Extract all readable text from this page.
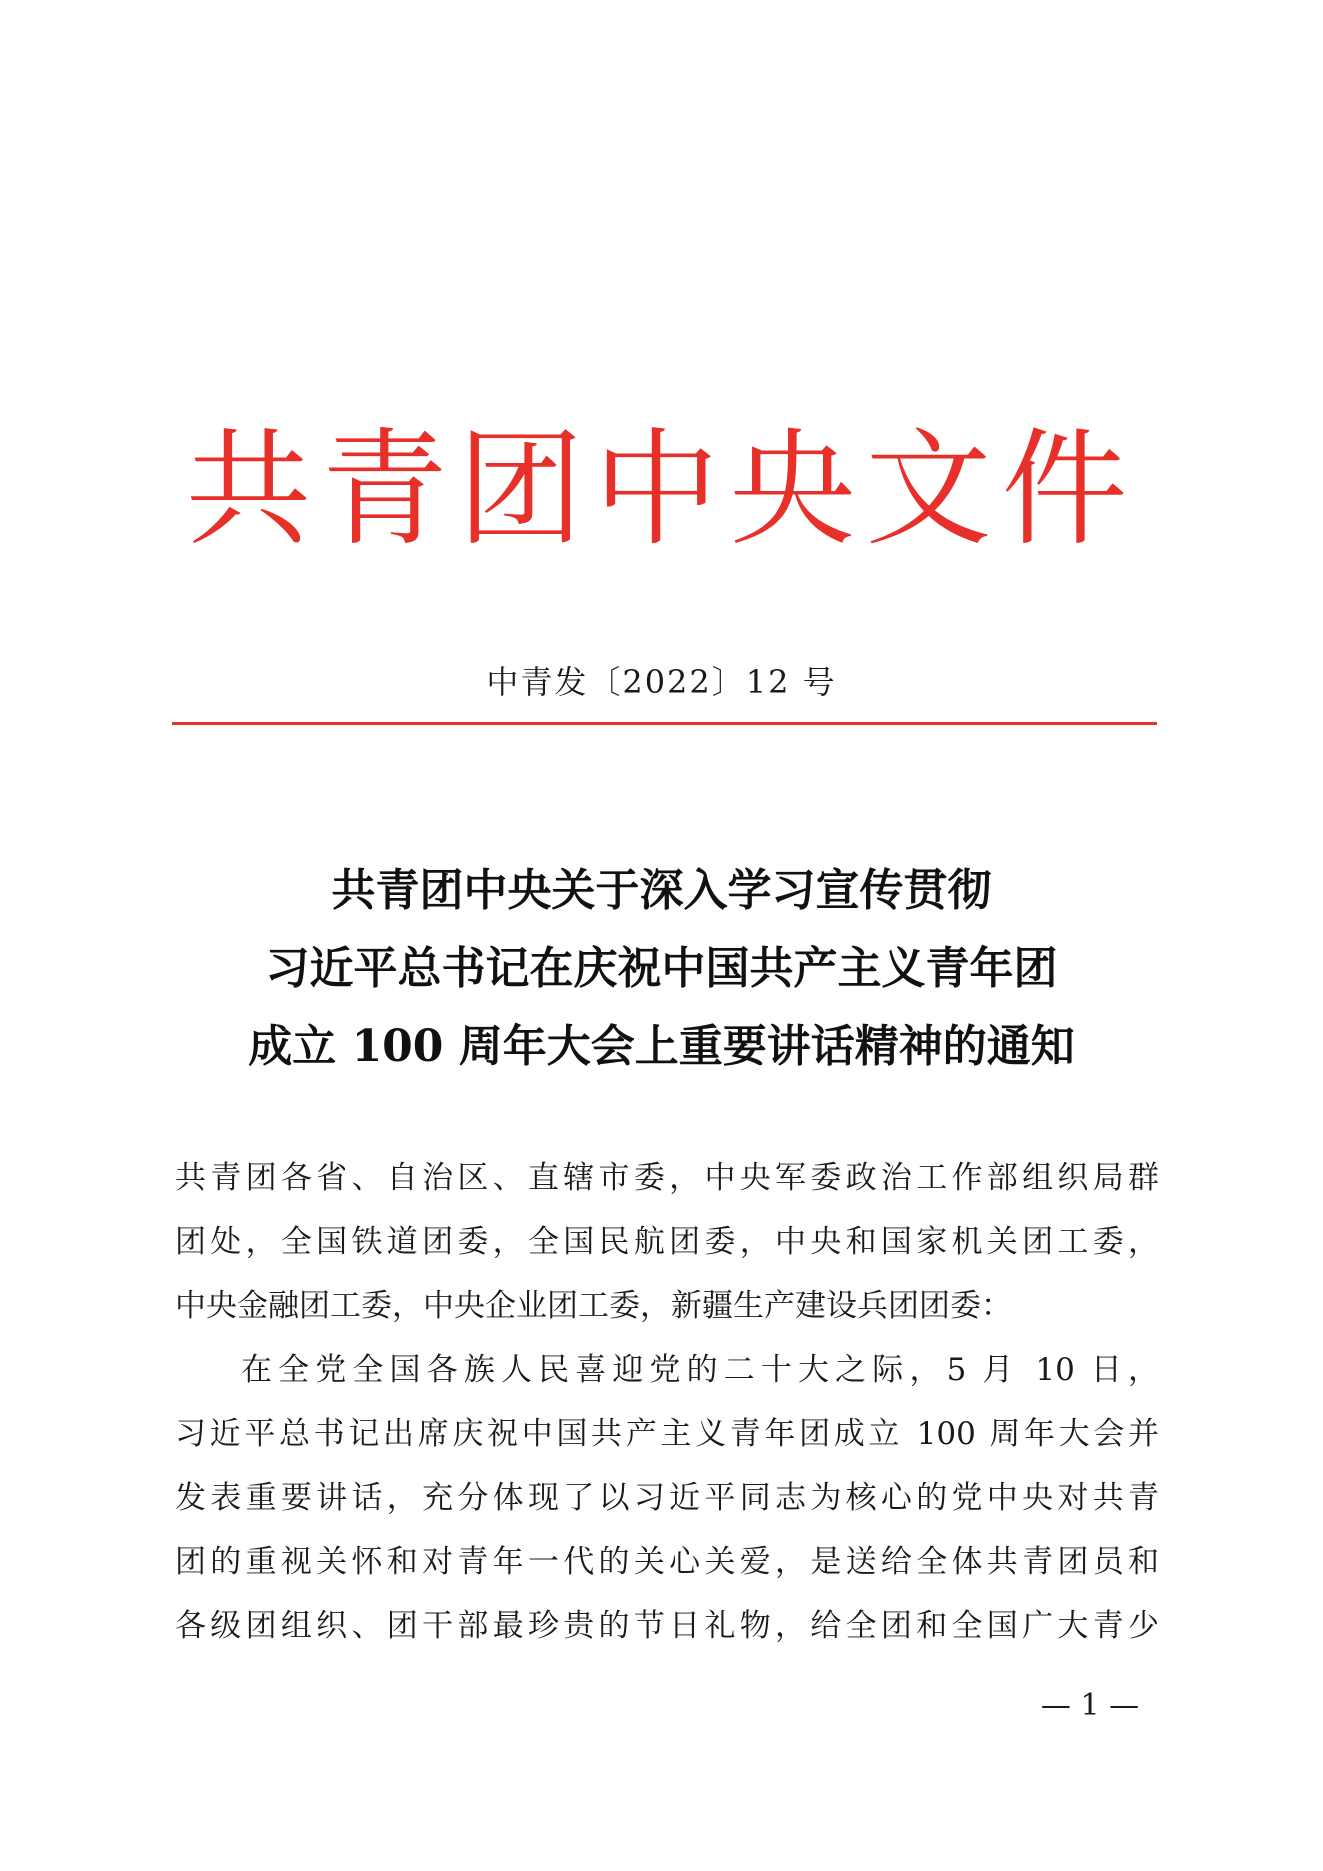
共青团中央文件
中青发〔2022〕12 号
共青团中央关于深入学习宣传贯彻
习近平总书记在庆祝中国共产主义青年团
成立 100 周年大会上重要讲话精神的通知
共青团各省、自治区、直辖市委，中央军委政治工作部组织局群
团处，全国铁道团委，全国民航团委，中央和国家机关团工委，
中央金融团工委，中央企业团工委，新疆生产建设兵团团委：
在全党全国各族人民喜迎党的二十大之际，5 月 10 日，
习近平总书记出席庆祝中国共产主义青年团成立 100 周年大会并
发表重要讲话，充分体现了以习近平同志为核心的党中央对共青
团的重视关怀和对青年一代的关心关爱，是送给全体共青团员和
各级团组织、团干部最珍贵的节日礼物，给全团和全国广大青少
— 1 —
